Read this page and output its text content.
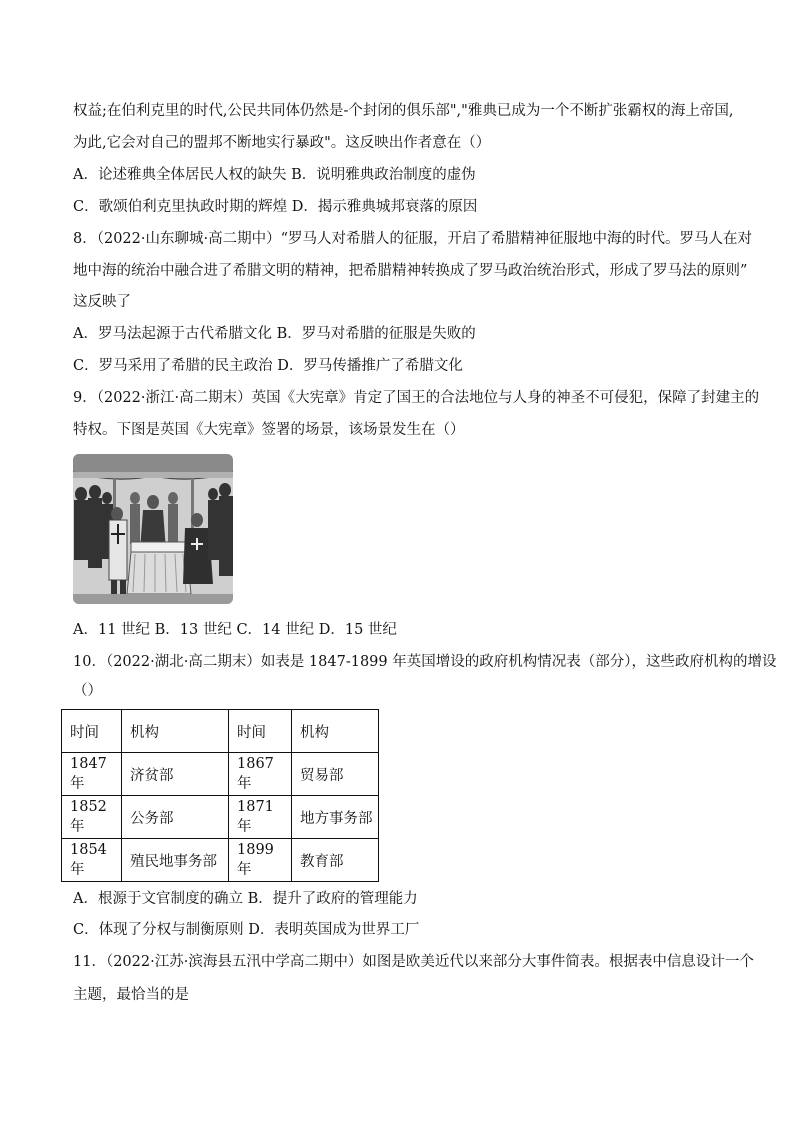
权益;在伯利克里的时代,公民共同体仍然是-个封闭的俱乐部","雅典已成为一个不断扩张霸权的海上帝国,
为此,它会对自己的盟邦不断地实行暴政"。这反映出作者意在（）
A．论述雅典全体居民人权的缺失 B．说明雅典政治制度的虚伪
C．歌颂伯利克里执政时期的辉煌 D．揭示雅典城邦衰落的原因
8．（2022·山东聊城·高二期中）“罗马人对希腊人的征服，开启了希腊精神征服地中海的时代。罗马人在对
地中海的统治中融合进了希腊文明的精神，把希腊精神转换成了罗马政治统治形式，形成了罗马法的原则”
这反映了
A．罗马法起源于古代希腊文化 B．罗马对希腊的征服是失败的
C．罗马采用了希腊的民主政治 D．罗马传播推广了希腊文化
9．（2022·浙江·高二期末）英国《大宪章》肯定了国王的合法地位与人身的神圣不可侵犯，保障了封建主的
特权。下图是英国《大宪章》签署的场景，该场景发生在（）
A．11 世纪 B．13 世纪 C．14 世纪 D．15 世纪
10．（2022·湖北·高二期末）如表是 1847-1899 年英国增设的政府机构情况表（部分），这些政府机构的增设
（）
时间	机构	时间	机构
1847 年	济贫部	1867 年	贸易部
1852 年	公务部	1871 年	地方事务部
1854 年	殖民地事务部	1899 年	教育部
A．根源于文官制度的确立 B．提升了政府的管理能力
C．体现了分权与制衡原则 D．表明英国成为世界工厂
11．（2022·江苏·滨海县五汛中学高二期中）如图是欧美近代以来部分大事件简表。根据表中信息设计一个
主题，最恰当的是
